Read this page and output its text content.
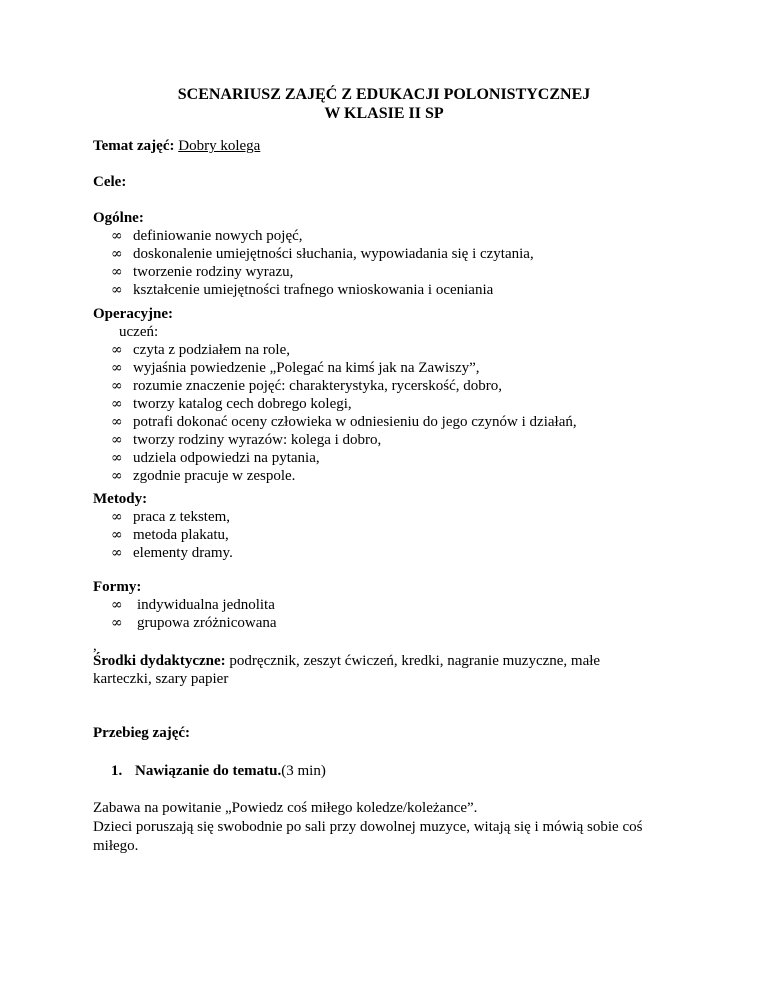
SCENARIUSZ ZAJĘĆ Z EDUKACJI POLONISTYCZNEJ
W KLASIE II SP
Temat zajęć: Dobry kolega
Cele:
Ogólne:
∞ definiowanie nowych pojęć,
∞ doskonalenie umiejętności słuchania, wypowiadania się i czytania,
∞ tworzenie rodziny wyrazu,
∞ kształcenie umiejętności trafnego wnioskowania i oceniania
Operacyjne:
uczeń:
∞ czyta z podziałem na role,
∞ wyjaśnia powiedzenie „Polegać na kimś jak na Zawiszy”,
∞ rozumie znaczenie pojęć: charakterystyka, rycerskość, dobro,
∞ tworzy katalog cech dobrego kolegi,
∞ potrafi dokonać oceny człowieka w odniesieniu do jego czynów i działań,
∞ tworzy rodziny wyrazów: kolega i dobro,
∞ udziela odpowiedzi na pytania,
∞ zgodnie pracuje w zespole.
Metody:
∞ praca z tekstem,
∞ metoda plakatu,
∞ elementy dramy.
Formy:
∞ indywidualna jednolita
∞ grupowa zróżnicowana
,
Środki dydaktyczne: podręcznik, zeszyt ćwiczeń, kredki, nagranie muzyczne, małe
karteczki, szary papier
Przebieg zajęć:
1. Nawiązanie do tematu. (3 min)
Zabawa na powitanie „Powiedz coś miłego koledze/koleżance”.
Dzieci poruszają się swobodnie po sali przy dowolnej muzyce, witają się i mówią sobie coś
miłego.
